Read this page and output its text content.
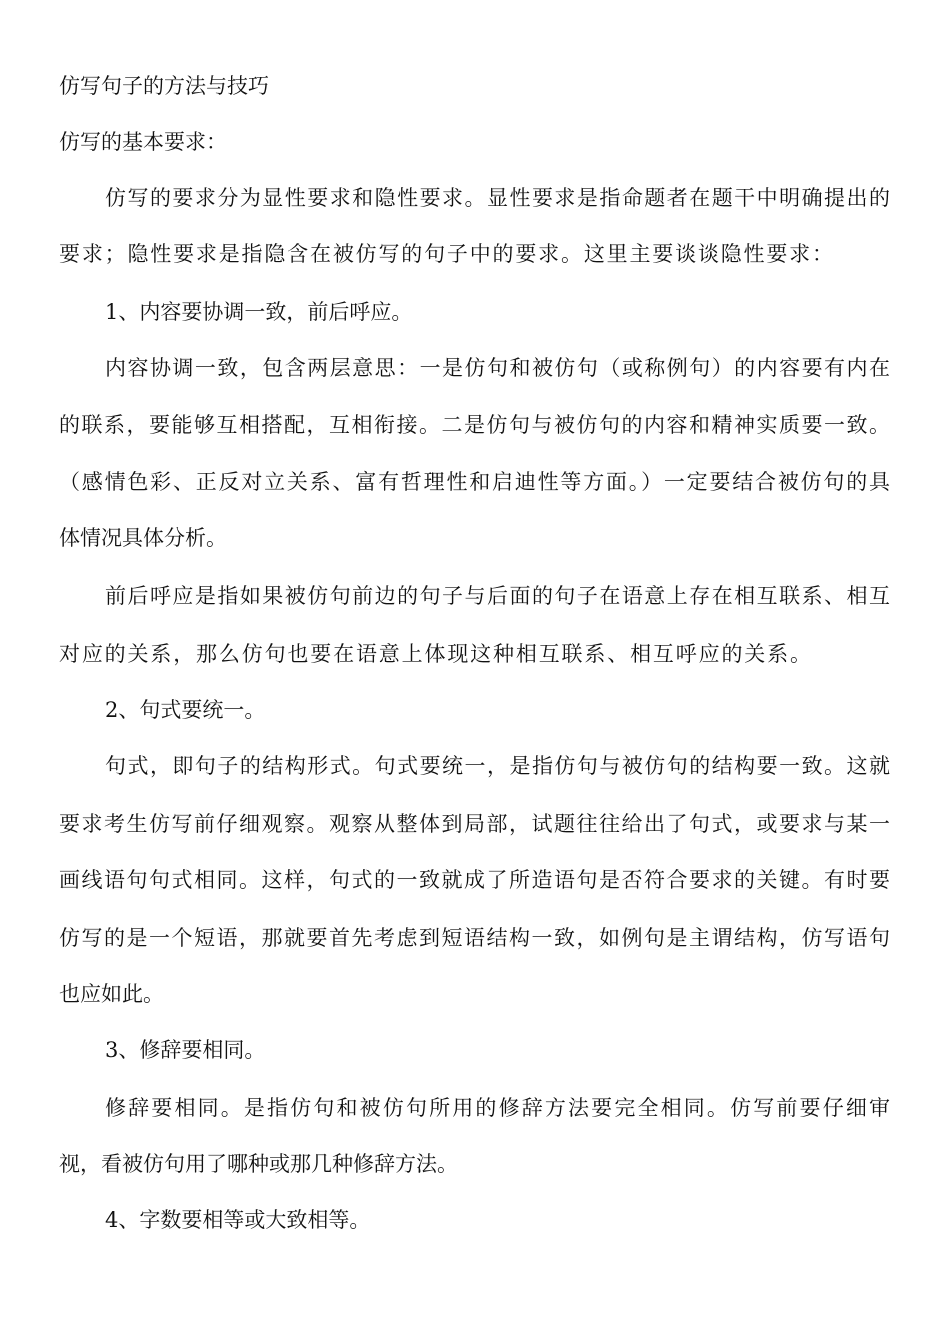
仿写句子的方法与技巧
仿写的基本要求：
仿写的要求分为显性要求和隐性要求。显性要求是指命题者在题干中明确提出的
要求；隐性要求是指隐含在被仿写的句子中的要求。这里主要谈谈隐性要求：
1、内容要协调一致，前后呼应。
内容协调一致，包含两层意思：一是仿句和被仿句（或称例句）的内容要有内在
的联系，要能够互相搭配，互相衔接。二是仿句与被仿句的内容和精神实质要一致。
（感情色彩、正反对立关系、富有哲理性和启迪性等方面。）一定要结合被仿句的具
体情况具体分析。
前后呼应是指如果被仿句前边的句子与后面的句子在语意上存在相互联系、相互
对应的关系，那么仿句也要在语意上体现这种相互联系、相互呼应的关系。
2、句式要统一。
句式，即句子的结构形式。句式要统一，是指仿句与被仿句的结构要一致。这就
要求考生仿写前仔细观察。观察从整体到局部，试题往往给出了句式，或要求与某一
画线语句句式相同。这样，句式的一致就成了所造语句是否符合要求的关键。有时要
仿写的是一个短语，那就要首先考虑到短语结构一致，如例句是主谓结构，仿写语句
也应如此。
3、修辞要相同。
修辞要相同。是指仿句和被仿句所用的修辞方法要完全相同。仿写前要仔细审
视，看被仿句用了哪种或那几种修辞方法。
4、字数要相等或大致相等。
